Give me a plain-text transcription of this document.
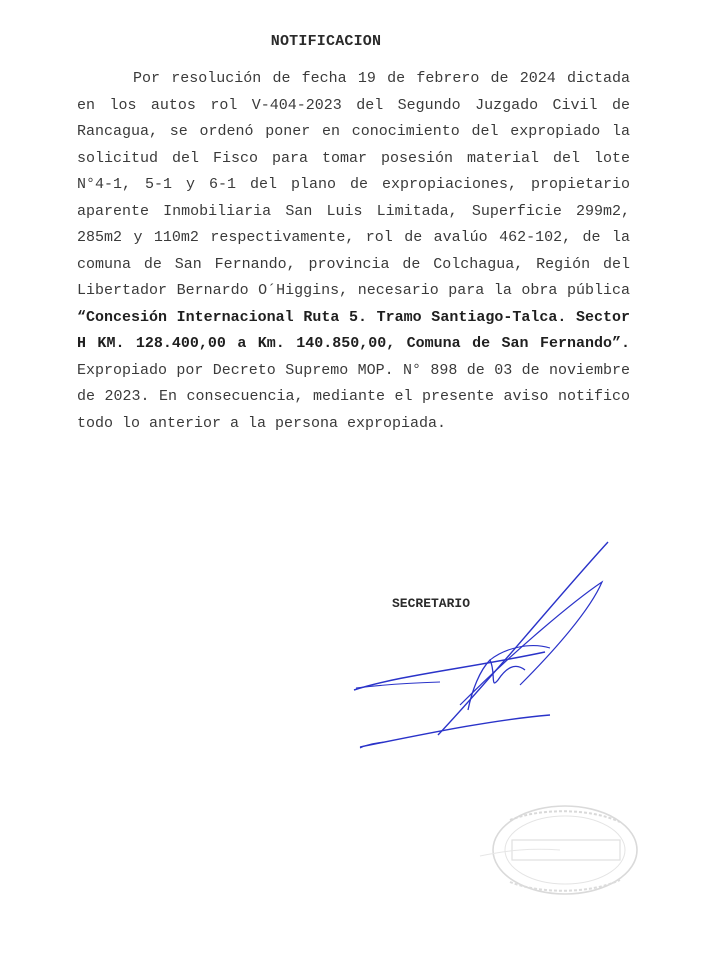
NOTIFICACION

Por resolución de fecha 19 de febrero de 2024 dictada en los autos rol V-404-2023 del Segundo Juzgado Civil de Rancagua, se ordenó poner en conocimiento del expropiado la solicitud del Fisco para tomar posesión material del lote N°4-1, 5-1 y 6-1 del plano de expropiaciones, propietario aparente Inmobiliaria San Luis Limitada, Superficie 299m2, 285m2 y 110m2 respectivamente, rol de avalúo 462-102, de la comuna de San Fernando, provincia de Colchagua, Región del Libertador Bernardo O´Higgins, necesario para la obra pública “Concesión Internacional Ruta 5. Tramo Santiago-Talca. Sector H KM. 128.400,00 a Km. 140.850,00, Comuna de San Fernando”. Expropiado por Decreto Supremo MOP. N° 898 de 03 de noviembre de 2023. En consecuencia, mediante el presente aviso notifico todo lo anterior a la persona expropiada.

SECRETARIO
